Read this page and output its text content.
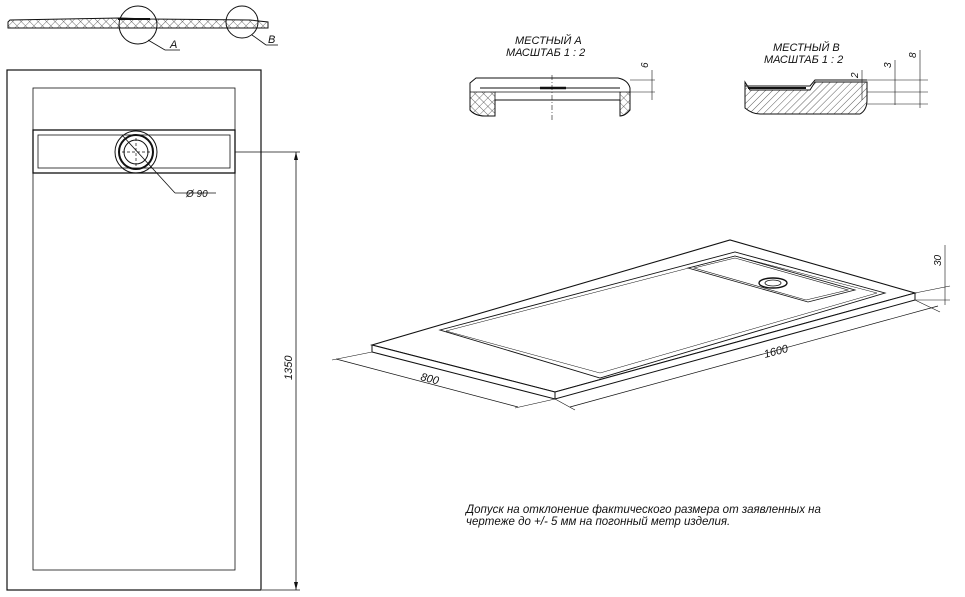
A	B
Ø 90
1350
МЕСТНЫЙ А
МАСШТАБ 1 : 2
6
МЕСТНЫЙ В
МАСШТАБ 1 : 2
2
3
8
800
1600
30
Допуск на отклонение фактического размера от заявленных на
чертеже до +/- 5 мм на погонный метр изделия.
